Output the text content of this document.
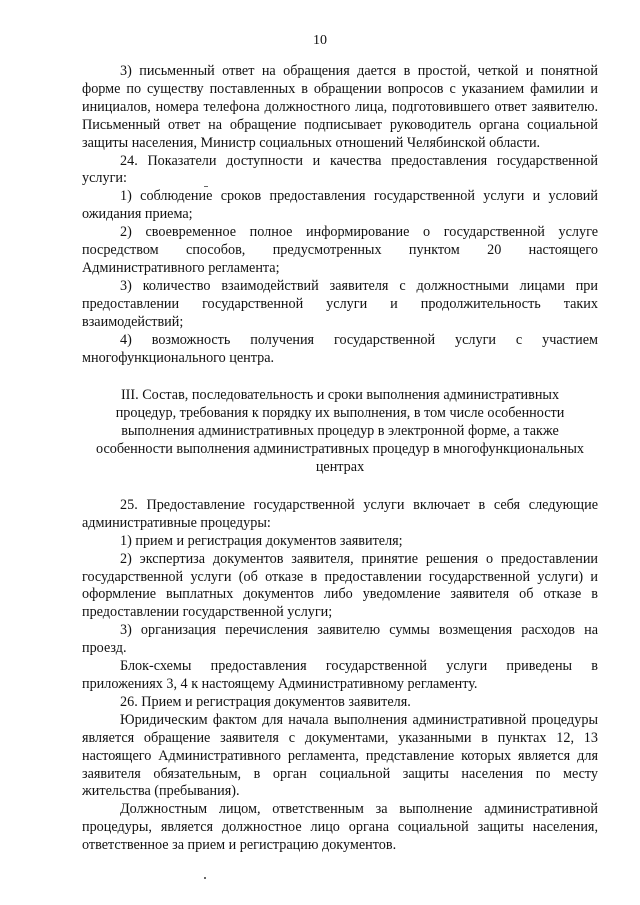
10

3) письменный ответ на обращения дается в простой, четкой и понятной форме по существу поставленных в обращении вопросов с указанием фамилии и инициалов, номера телефона должностного лица, подготовившего ответ заявителю. Письменный ответ на обращение подписывает руководитель органа социальной защиты населения, Министр социальных отношений Челябинской области.

24. Показатели доступности и качества предоставления государственной услуги:

1) соблюдение сроков предоставления государственной услуги и условий ожидания приема;

2) своевременное полное информирование о государственной услуге посредством способов, предусмотренных пунктом 20 настоящего Административного регламента;

3) количество взаимодействий заявителя с должностными лицами при предоставлении государственной услуги и продолжительность таких взаимодействий;

4) возможность получения государственной услуги с участием многофункционального центра.

III. Состав, последовательность и сроки выполнения административных процедур, требования к порядку их выполнения, в том числе особенности выполнения административных процедур в электронной форме, а также особенности выполнения административных процедур в многофункциональных центрах

25. Предоставление государственной услуги включает в себя следующие административные процедуры:

1) прием и регистрация документов заявителя;

2) экспертиза документов заявителя, принятие решения о предоставлении государственной услуги (об отказе в предоставлении государственной услуги) и оформление выплатных документов либо уведомление заявителя об отказе в предоставлении государственной услуги;

3) организация перечисления заявителю суммы возмещения расходов на проезд.

Блок-схемы предоставления государственной услуги приведены в приложениях 3, 4 к настоящему Административному регламенту.

26. Прием и регистрация документов заявителя.

Юридическим фактом для начала выполнения административной процедуры является обращение заявителя с документами, указанными в пунктах 12, 13 настоящего Административного регламента, представление которых является для заявителя обязательным, в орган социальной защиты населения по месту жительства (пребывания).

Должностным лицом, ответственным за выполнение административной процедуры, является должностное лицо органа социальной защиты населения, ответственное за прием и регистрацию документов.
